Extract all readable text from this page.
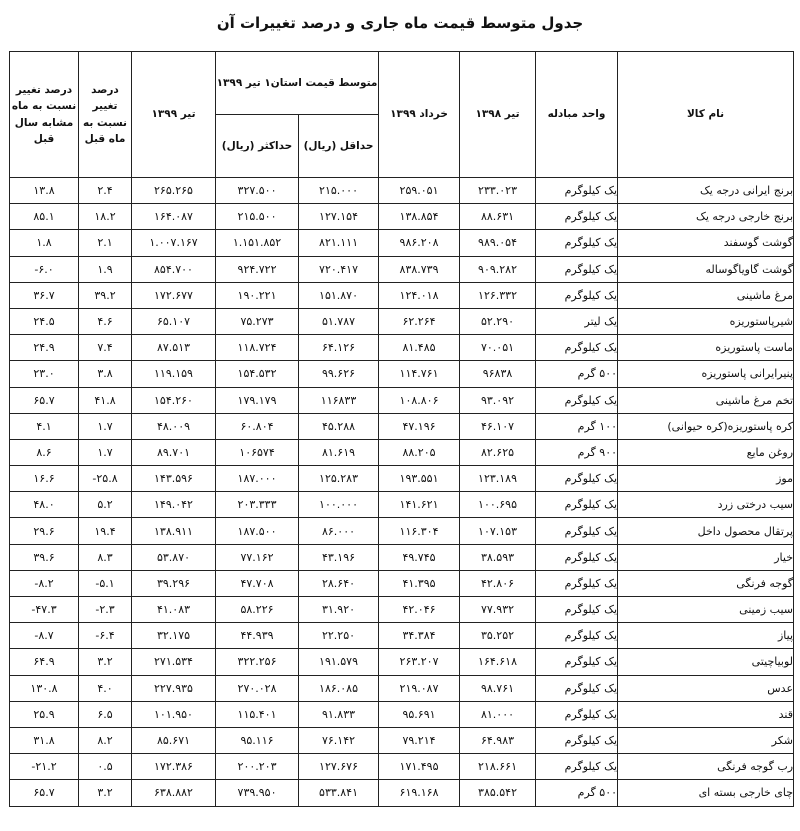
جدول متوسط قیمت ماه جاری و درصد تغییرات آن
نام کالا	واحد مبادله	تیر ۱۳۹۸	خرداد ۱۳۹۹	متوسط قیمت استان۱ تیر ۱۳۹۹		تیر ۱۳۹۹	درصد تغییر نسبت به ماه قبل	درصد تغییر نسبت به ماه مشابه سال قبل
				حداقل (ریال)	حداکثر (ریال)			
برنج ایرانی درجه یک	یک کیلوگرم	۲۳۳.۰۲۳	۲۵۹.۰۵۱	۲۱۵.۰۰۰	۳۲۷.۵۰۰	۲۶۵.۲۶۵	۲.۴	۱۳.۸
برنج خارجی درجه یک	یک کیلوگرم	۸۸.۶۳۱	۱۳۸.۸۵۴	۱۲۷.۱۵۴	۲۱۵.۵۰۰	۱۶۴.۰۸۷	۱۸.۲	۸۵.۱
گوشت گوسفند	یک کیلوگرم	۹۸۹.۰۵۴	۹۸۶.۲۰۸	۸۲۱.۱۱۱	۱.۱۵۱.۸۵۲	۱.۰۰۷.۱۶۷	۲.۱	۱.۸
گوشت گاو‌یاگوساله	یک کیلوگرم	۹۰۹.۲۸۲	۸۳۸.۷۳۹	۷۲۰.۴۱۷	۹۲۴.۷۲۲	۸۵۴.۷۰۰	۱.۹	۶.۰-
مرغ ماشینی	یک کیلوگرم	۱۲۶.۳۳۲	۱۲۴.۰۱۸	۱۵۱.۸۷۰	۱۹۰.۲۲۱	۱۷۲.۶۷۷	۳۹.۲	۳۶.۷
شیرپاستوریزه	یک لیتر	۵۲.۲۹۰	۶۲.۲۶۴	۵۱.۷۸۷	۷۵.۲۷۳	۶۵.۱۰۷	۴.۶	۲۴.۵
ماست پاستوریزه	یک کیلوگرم	۷۰.۰۵۱	۸۱.۴۸۵	۶۴.۱۲۶	۱۱۸.۷۲۴	۸۷.۵۱۳	۷.۴	۲۴.۹
پنیرایرانی پاستوریزه	۵۰۰ گرم	۹۶۸۳۸	۱۱۴.۷۶۱	۹۹.۶۲۶	۱۵۴.۵۳۲	۱۱۹.۱۵۹	۳.۸	۲۳.۰
تخم مرغ ماشینی	یک کیلوگرم	۹۳.۰۹۲	۱۰۸.۸۰۶	۱۱۶۸۳۳	۱۷۹.۱۷۹	۱۵۴.۲۶۰	۴۱.۸	۶۵.۷
کره پاستوریزه(کره حیوانی)	۱۰۰ گرم	۴۶.۱۰۷	۴۷.۱۹۶	۴۵.۲۸۸	۶۰.۸۰۴	۴۸.۰۰۹	۱.۷	۴.۱
روغن مایع	۹۰۰ گرم	۸۲.۶۲۵	۸۸.۲۰۵	۸۱.۶۱۹	۱۰۶۵۷۴	۸۹.۷۰۱	۱.۷	۸.۶
موز	یک کیلوگرم	۱۲۳.۱۸۹	۱۹۳.۵۵۱	۱۲۵.۲۸۳	۱۸۷.۰۰۰	۱۴۳.۵۹۶	۲۵.۸-	۱۶.۶
سیب درختی زرد	یک کیلوگرم	۱۰۰.۶۹۵	۱۴۱.۶۲۱	۱۰۰.۰۰۰	۲۰۳.۳۳۳	۱۴۹.۰۴۲	۵.۲	۴۸.۰
پرتقال محصول داخل	یک کیلوگرم	۱۰۷.۱۵۳	۱۱۶.۳۰۴	۸۶.۰۰۰	۱۸۷.۵۰۰	۱۳۸.۹۱۱	۱۹.۴	۲۹.۶
خیار	یک کیلوگرم	۳۸.۵۹۳	۴۹.۷۴۵	۴۳.۱۹۶	۷۷.۱۶۲	۵۳.۸۷۰	۸.۳	۳۹.۶
گوجه فرنگی	یک کیلوگرم	۴۲.۸۰۶	۴۱.۳۹۵	۲۸.۶۴۰	۴۷.۷۰۸	۳۹.۲۹۶	۵.۱-	۸.۲-
سیب زمینی	یک کیلوگرم	۷۷.۹۳۲	۴۲.۰۴۶	۳۱.۹۲۰	۵۸.۲۲۶	۴۱.۰۸۳	۲.۳-	۴۷.۳-
پیاز	یک کیلوگرم	۳۵.۲۵۲	۳۴.۳۸۴	۲۲.۲۵۰	۴۴.۹۳۹	۳۲.۱۷۵	۶.۴-	۸.۷-
لوبیاچیتی	یک کیلوگرم	۱۶۴.۶۱۸	۲۶۳.۲۰۷	۱۹۱.۵۷۹	۳۲۲.۲۵۶	۲۷۱.۵۳۴	۳.۲	۶۴.۹
عدس	یک کیلوگرم	۹۸.۷۶۱	۲۱۹.۰۸۷	۱۸۶.۰۸۵	۲۷۰.۰۲۸	۲۲۷.۹۳۵	۴.۰	۱۳۰.۸
قند	یک کیلوگرم	۸۱.۰۰۰	۹۵.۶۹۱	۹۱.۸۳۳	۱۱۵.۴۰۱	۱۰۱.۹۵۰	۶.۵	۲۵.۹
شکر	یک کیلوگرم	۶۴.۹۸۳	۷۹.۲۱۴	۷۶.۱۴۲	۹۵.۱۱۶	۸۵.۶۷۱	۸.۲	۳۱.۸
رب گوجه فرنگی	یک کیلوگرم	۲۱۸.۶۶۱	۱۷۱.۴۹۵	۱۲۷.۶۷۶	۲۰۰.۲۰۳	۱۷۲.۳۸۶	۰.۵	۲۱.۲-
چای خارجی بسته ای	۵۰۰ گرم	۳۸۵.۵۴۲	۶۱۹.۱۶۸	۵۳۳.۸۴۱	۷۳۹.۹۵۰	۶۳۸.۸۸۲	۳.۲	۶۵.۷
